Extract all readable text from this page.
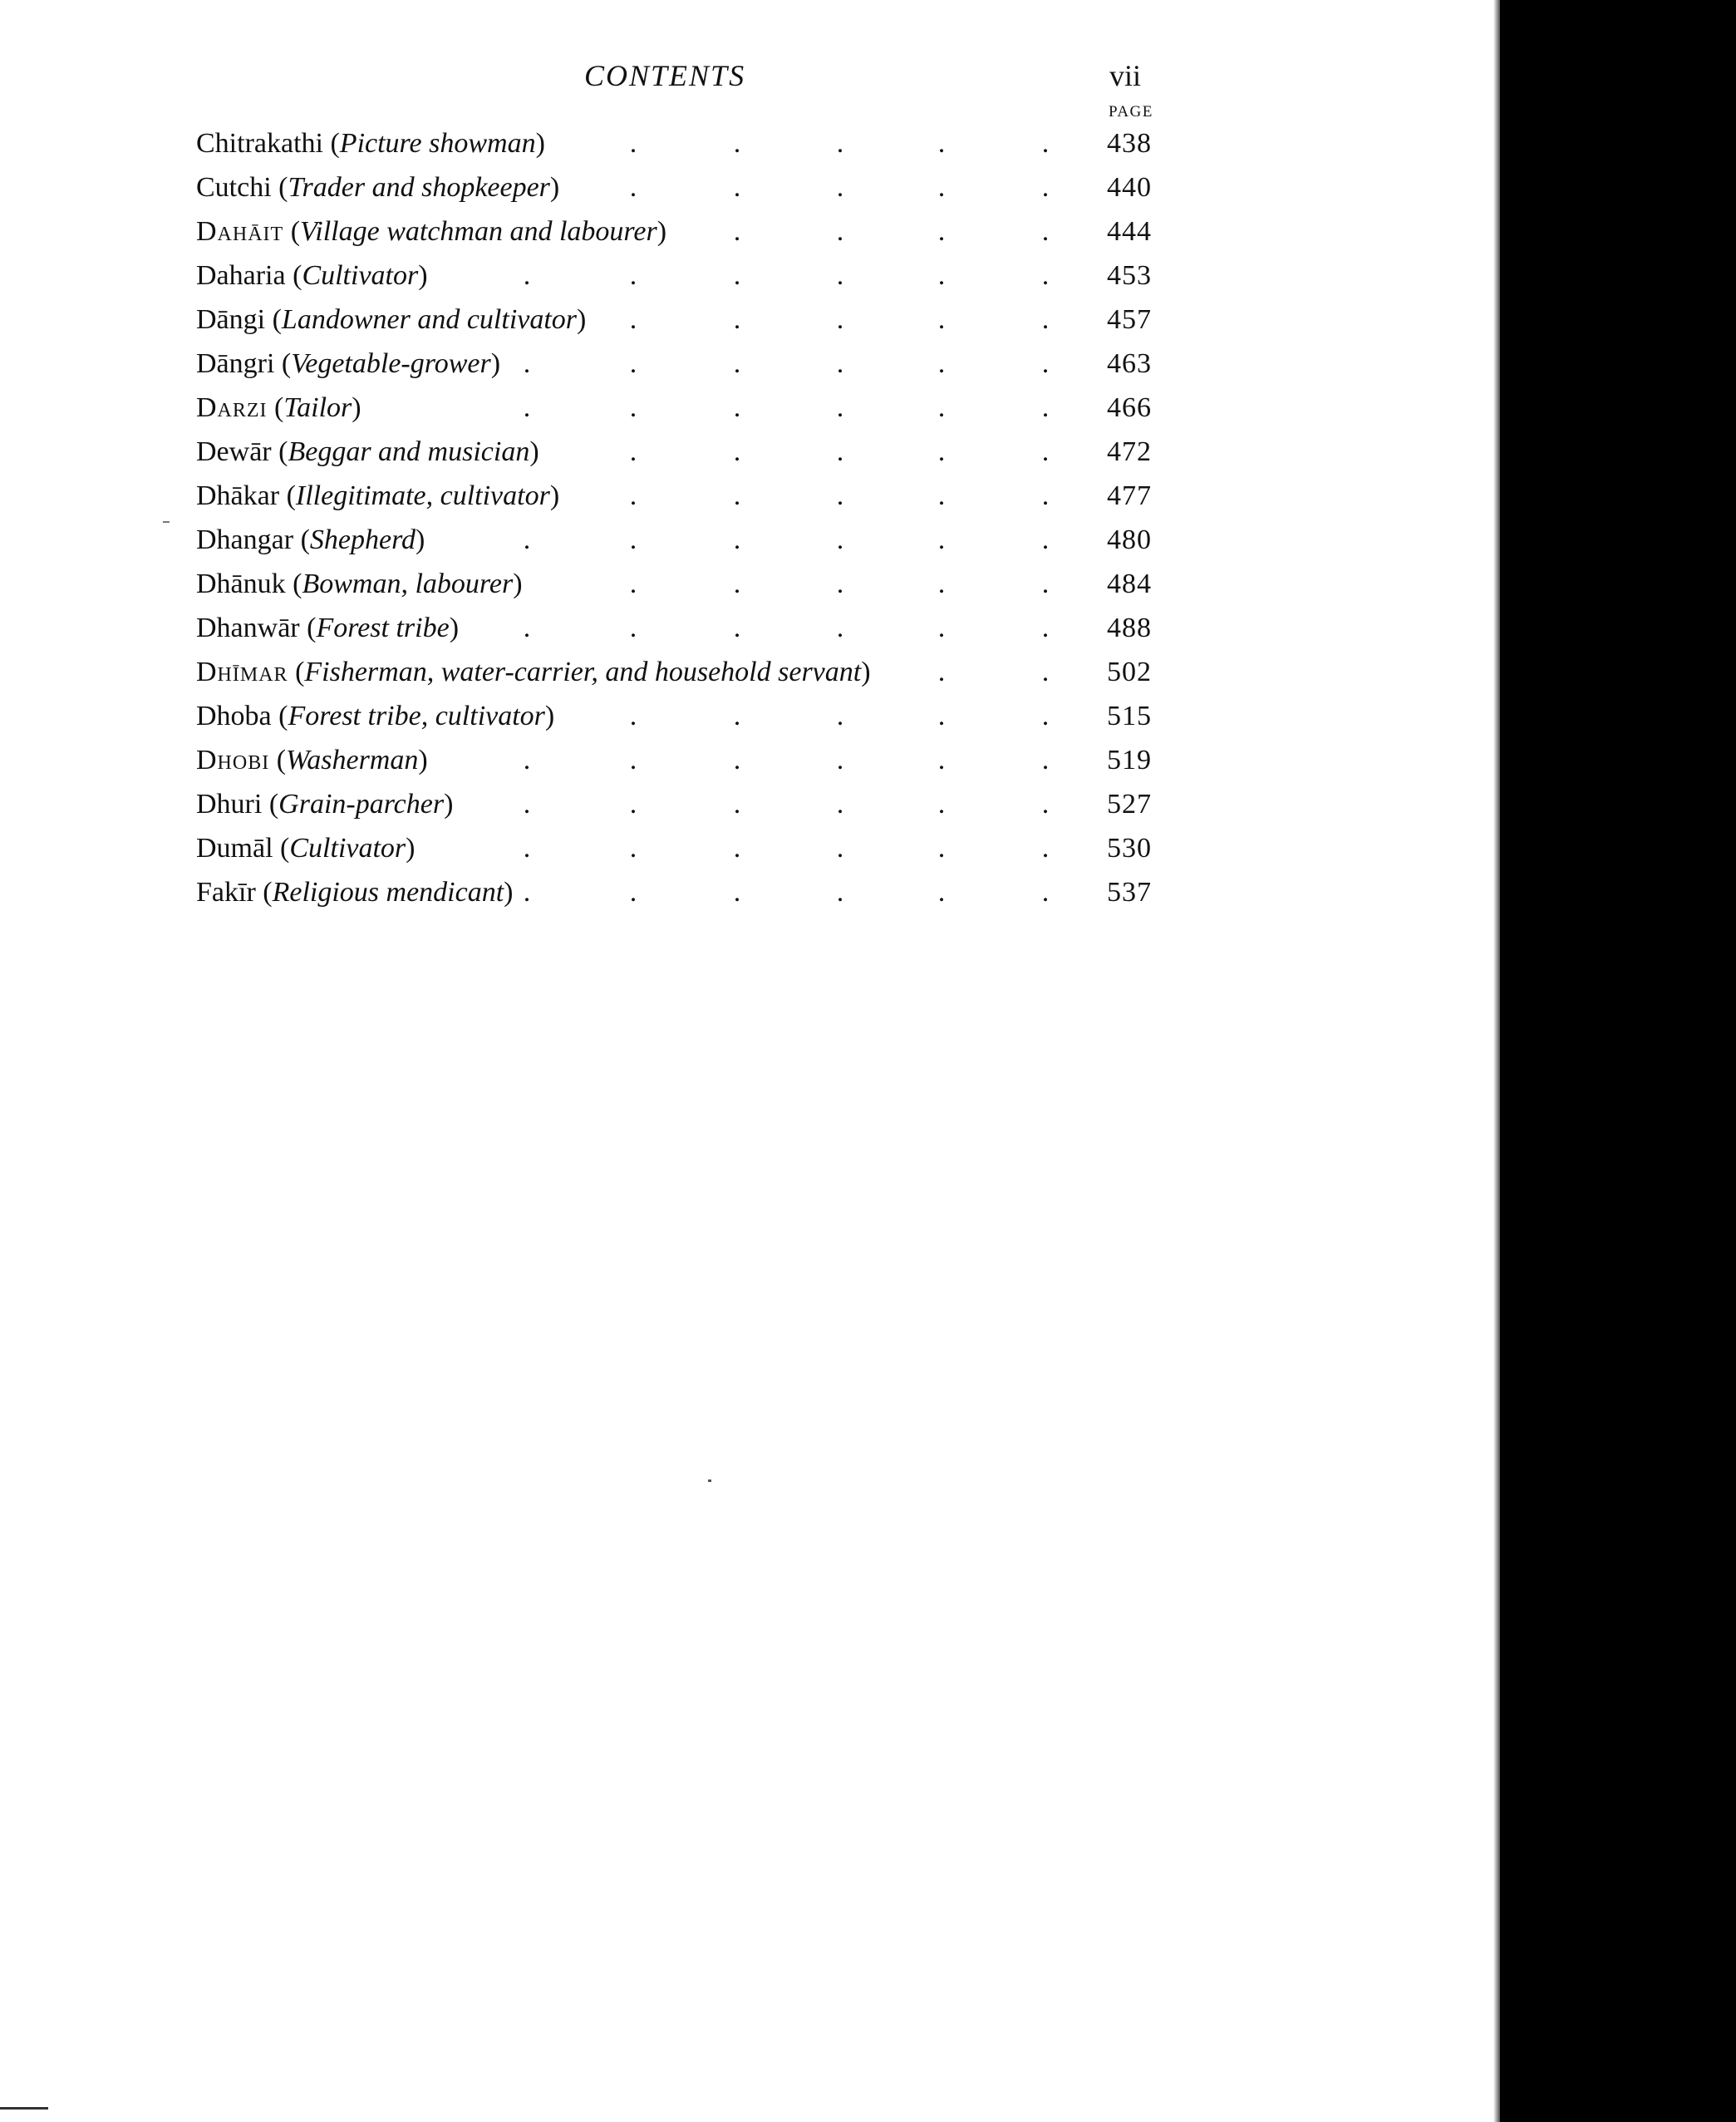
CONTENTS	vii
PAGE
Chitrakathi (Picture showman)	438
.	.	.	.	.
Cutchi (Trader and shopkeeper)	440
.	.	.	.	.
Dahāit (Village watchman and labourer)	444
.	.	.	.
Daharia (Cultivator)	453
.	.	.	.	.	.
Dāngi (Landowner and cultivator)	457
.	.	.	.	.
Dāngri (Vegetable-grower)	463
.	.	.	.	.	.
Darzi (Tailor)	466
.	.	.	.	.	.
Dewār (Beggar and musician)	472
.	.	.	.	.
Dhākar (Illegitimate, cultivator)	477
.	.	.	.	.
Dhangar (Shepherd)	480
.	.	.	.	.	.
Dhānuk (Bowman, labourer)	484
.	.	.	.	.
Dhanwār (Forest tribe)	488
.	.	.	.	.	.
Dhīmar (Fisherman, water-carrier, and household servant)	502
.	.
Dhoba (Forest tribe, cultivator)	515
.	.	.	.	.
Dhobi (Washerman)	519
.	.	.	.	.	.
Dhuri (Grain-parcher)	527
.	.	.	.	.	.
Dumāl (Cultivator)	530
.	.	.	.	.	.
Fakīr (Religious mendicant)	537
.	.	.	.	.	.
